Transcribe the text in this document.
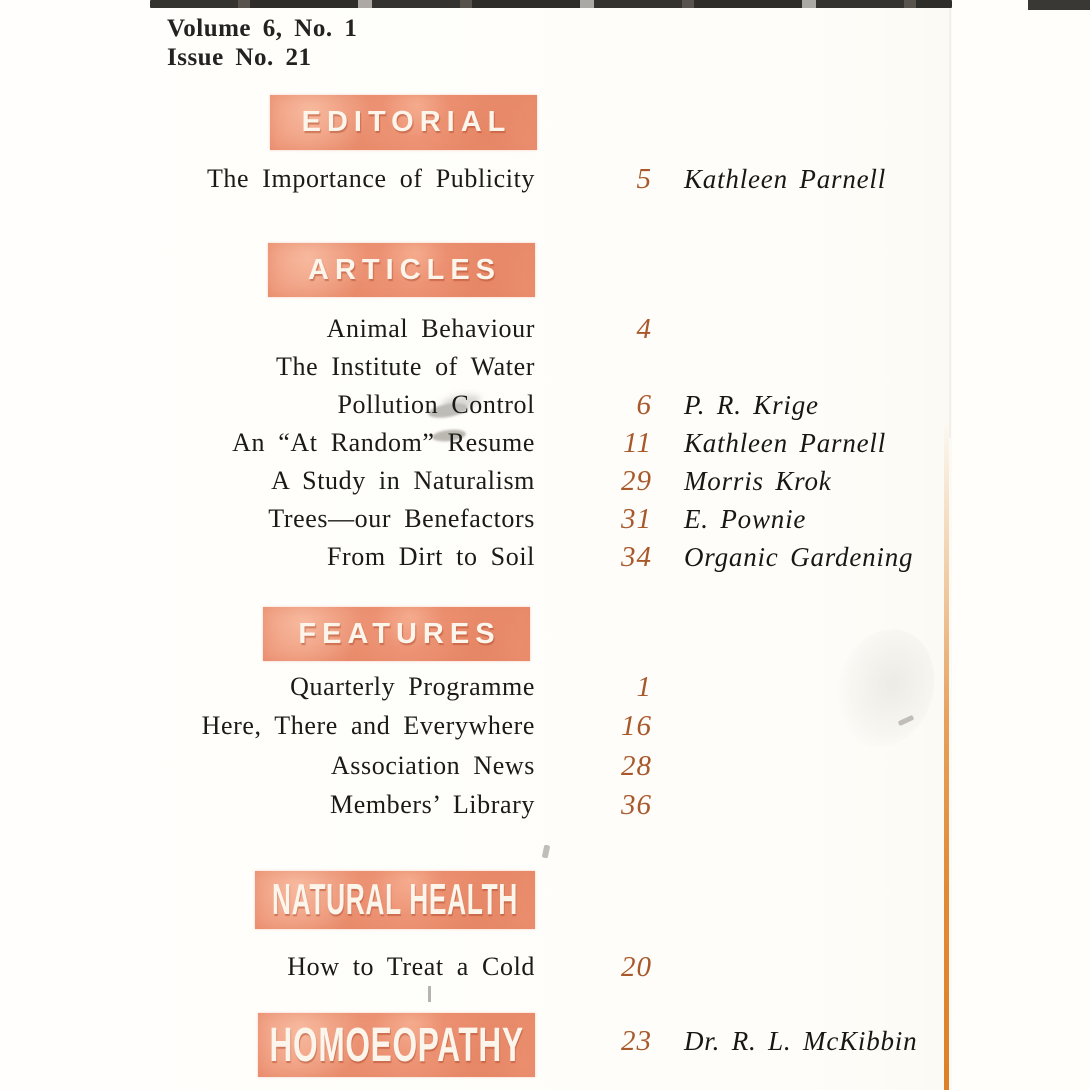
Volume 6, No. 1
Issue No. 21
EDITORIAL
The Importance of Publicity	5	Kathleen Parnell
ARTICLES
Animal Behaviour	4
The Institute of Water
Pollution Control	6	P. R. Krige
An “At Random” Resume	11	Kathleen Parnell
A Study in Naturalism	29	Morris Krok
Trees—our Benefactors	31	E. Pownie
From Dirt to Soil	34	Organic Gardening
FEATURES
Quarterly Programme	1
Here, There and Everywhere	16
Association News	28
Members’ Library	36
NATURAL HEALTH
How to Treat a Cold	20
HOMOEOPATHY	23	Dr. R. L. McKibbin
